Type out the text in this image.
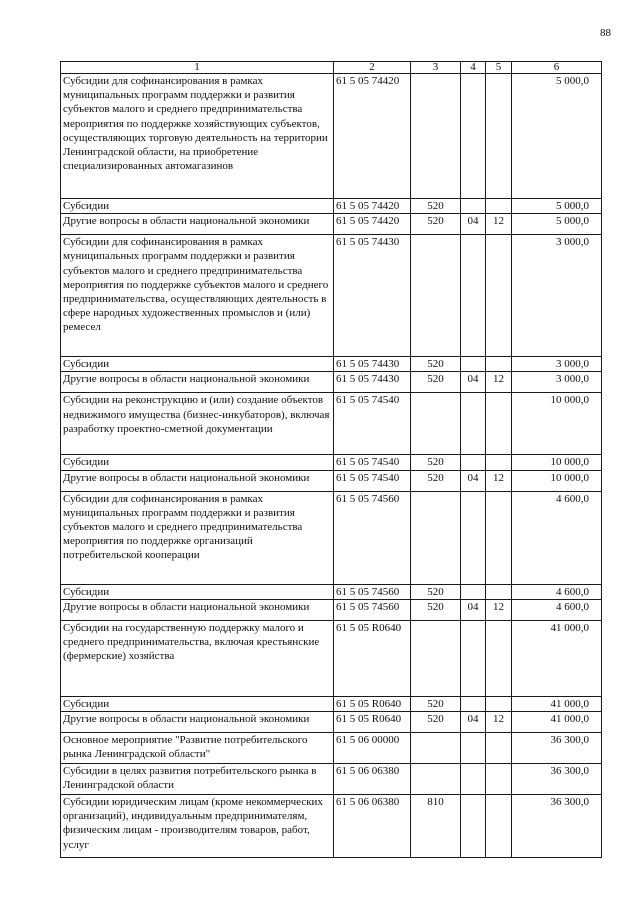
88
1	2	3	4	5	6
Субсидии для софинансирования в рамках муниципальных программ поддержки и развития субъектов малого и среднего предпринимательства мероприятия по поддержке хозяйствующих субъектов, осуществляющих торговую деятельность на территории Ленинградской области, на приобретение специализированных автомагазинов	61 5 05 74420				5 000,0
Субсидии	61 5 05 74420	520			5 000,0
Другие вопросы в области национальной экономики	61 5 05 74420	520	04	12	5 000,0
Субсидии для софинансирования в рамках муниципальных программ поддержки и развития субъектов малого и среднего предпринимательства мероприятия по поддержке субъектов малого и среднего предпринимательства, осуществляющих деятельность в сфере народных художественных промыслов и (или) ремесел	61 5 05 74430				3 000,0
Субсидии	61 5 05 74430	520			3 000,0
Другие вопросы в области национальной экономики	61 5 05 74430	520	04	12	3 000,0
Субсидии на реконструкцию и (или) создание объектов недвижимого имущества (бизнес-инкубаторов), включая разработку проектно-сметной документации	61 5 05 74540				10 000,0
Субсидии	61 5 05 74540	520			10 000,0
Другие вопросы в области национальной экономики	61 5 05 74540	520	04	12	10 000,0
Субсидии для софинансирования в рамках муниципальных программ поддержки и развития субъектов малого и среднего предпринимательства мероприятия по поддержке организаций потребительской кооперации	61 5 05 74560				4 600,0
Субсидии	61 5 05 74560	520			4 600,0
Другие вопросы в области национальной экономики	61 5 05 74560	520	04	12	4 600,0
Субсидии на государственную поддержку малого и среднего предпринимательства, включая крестьянские (фермерские) хозяйства	61 5 05 R0640				41 000,0
Субсидии	61 5 05 R0640	520			41 000,0
Другие вопросы в области национальной экономики	61 5 05 R0640	520	04	12	41 000,0
Основное мероприятие "Развитие потребительского рынка Ленинградской области"	61 5 06 00000				36 300,0
Субсидии в целях развития потребительского рынка в Ленинградской области	61 5 06 06380				36 300,0
Субсидии юридическим лицам (кроме некоммерческих организаций), индивидуальным предпринимателям, физическим лицам - производителям товаров, работ, услуг	61 5 06 06380	810			36 300,0
